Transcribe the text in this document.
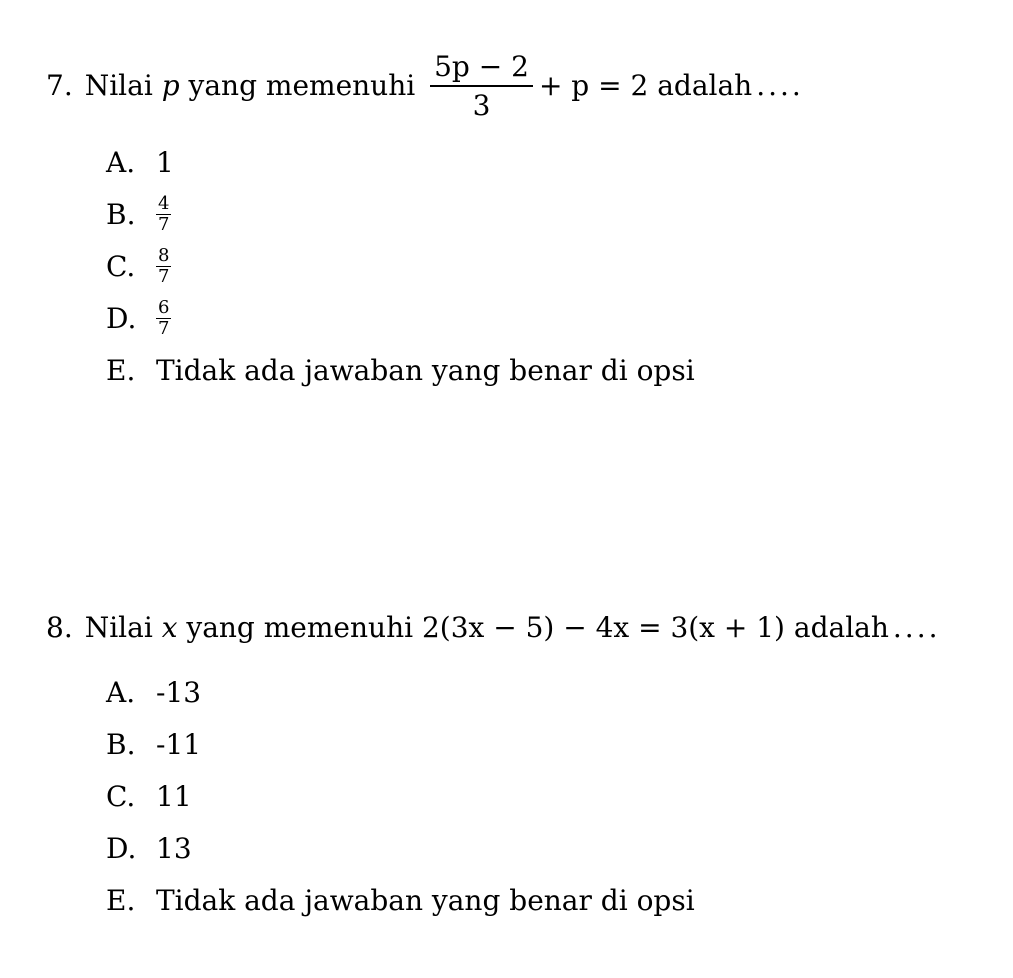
7. Nilai
p
yang memenuhi
$\frac{5p - 2}{3} + p = 2$
adalah ....
A. 1
B.	$\frac{4}{7}$
C.	$\frac{8}{7}$
D.	$\frac{6}{7}$
E. Tidak ada jawaban yang benar di opsi
8. Nilai
x
yang memenuhi
2(3x − 5) − 4x = 3(x + 1)
adalah ....
A. -13
B. -11
C. 11
D. 13
E. Tidak ada jawaban yang benar di opsi
